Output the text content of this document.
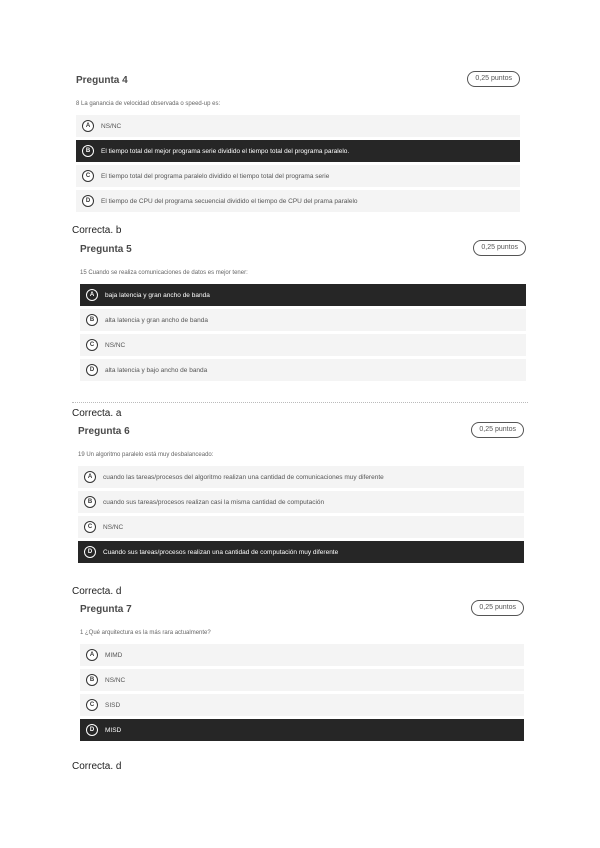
Pregunta 4	0,25 puntos
8 La ganancia de velocidad observada o speed-up es:
A	NS/NC
B	El tiempo total del mejor programa serie dividido el tiempo total del programa paralelo.
C	El tiempo total del programa paralelo dividido el tiempo total del programa serie
D	El tiempo de CPU del programa secuencial dividido el tiempo de CPU del prama paralelo
Correcta. b
Pregunta 5	0,25 puntos
15 Cuando se realiza comunicaciones de datos es mejor tener:
A	baja latencia y gran ancho de banda
B	alta latencia y gran ancho de banda
C	NS/NC
D	alta latencia y bajo ancho de banda
Correcta. a
Pregunta 6	0,25 puntos
19 Un algoritmo paralelo está muy desbalanceado:
A	cuando las tareas/procesos del algoritmo realizan una cantidad de comunicaciones muy diferente
B	cuando sus tareas/procesos realizan casi la misma cantidad de computación
C	NS/NC
D	Cuando sus tareas/procesos realizan una cantidad de computación muy diferente
Correcta. d
Pregunta 7	0,25 puntos
1 ¿Qué arquitectura es la más rara actualmente?
A	MIMD
B	NS/NC
C	SISD
D	MISD
Correcta. d
